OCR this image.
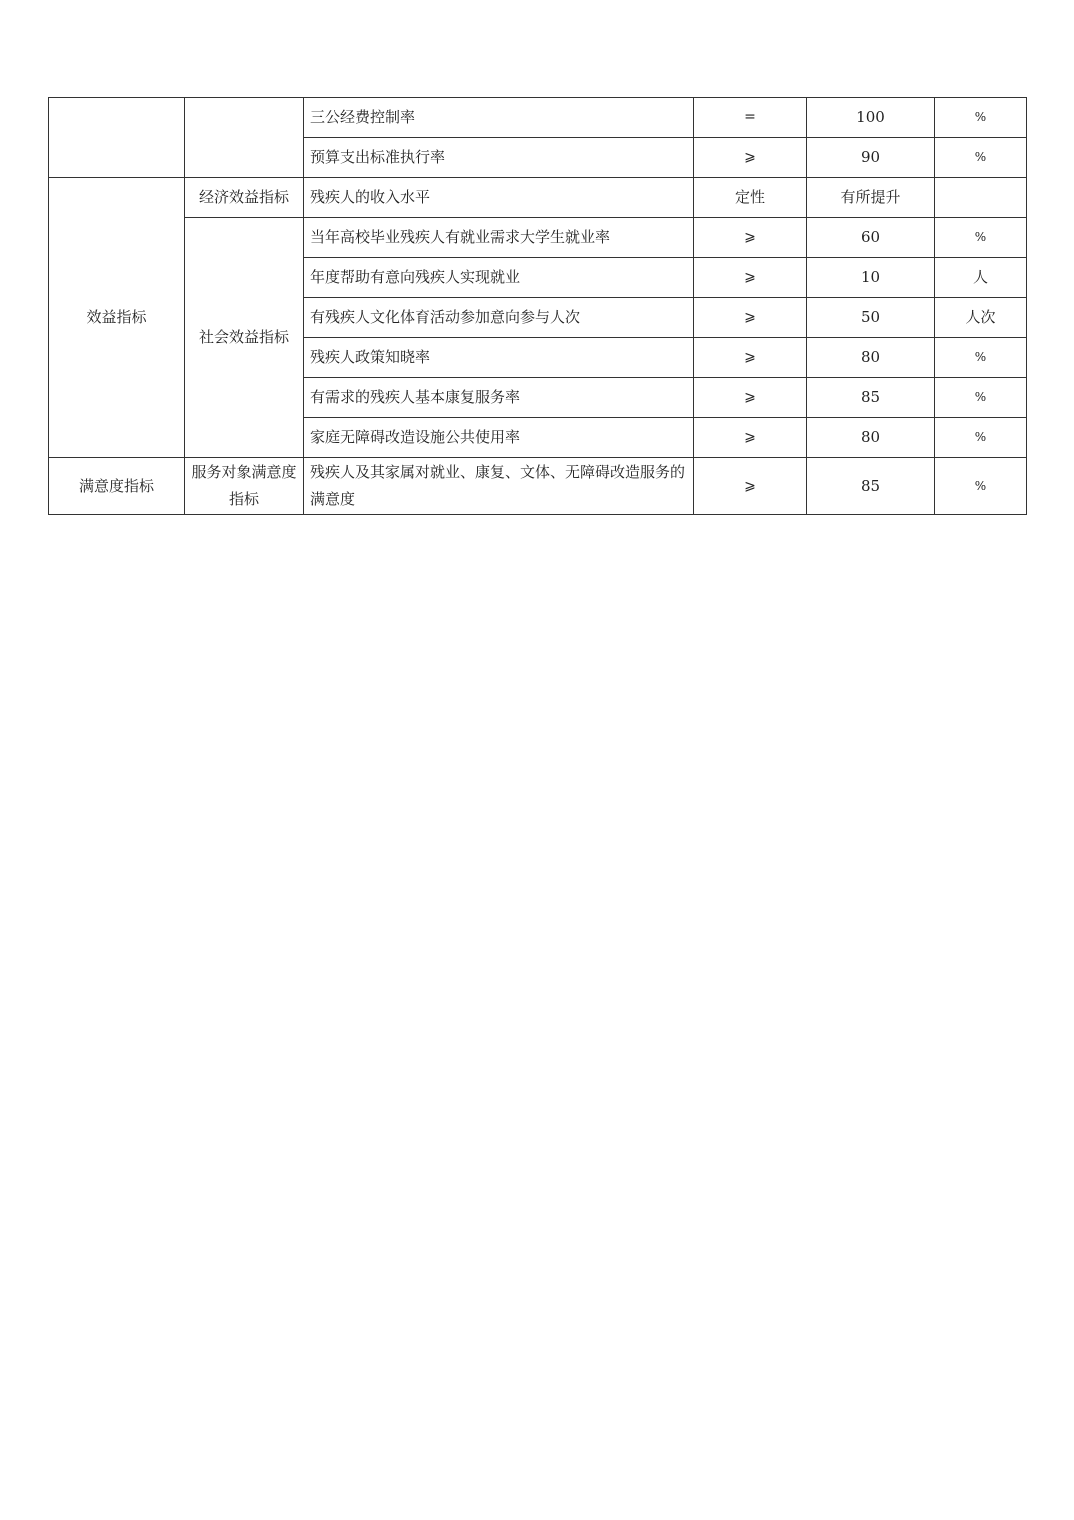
		三公经费控制率	=	100	%
		预算支出标准执行率	⩾	90	%
效益指标	经济效益指标	残疾人的收入水平	定性	有所提升	
	社会效益指标	当年高校毕业残疾人有就业需求大学生就业率	⩾	60	%
		年度帮助有意向残疾人实现就业	⩾	10	人
		有残疾人文化体育活动参加意向参与人次	⩾	50	人次
		残疾人政策知晓率	⩾	80	%
		有需求的残疾人基本康复服务率	⩾	85	%
		家庭无障碍改造设施公共使用率	⩾	80	%
满意度指标	服务对象满意度指标	残疾人及其家属对就业、康复、文体、无障碍改造服务的满意度	⩾	85	%
